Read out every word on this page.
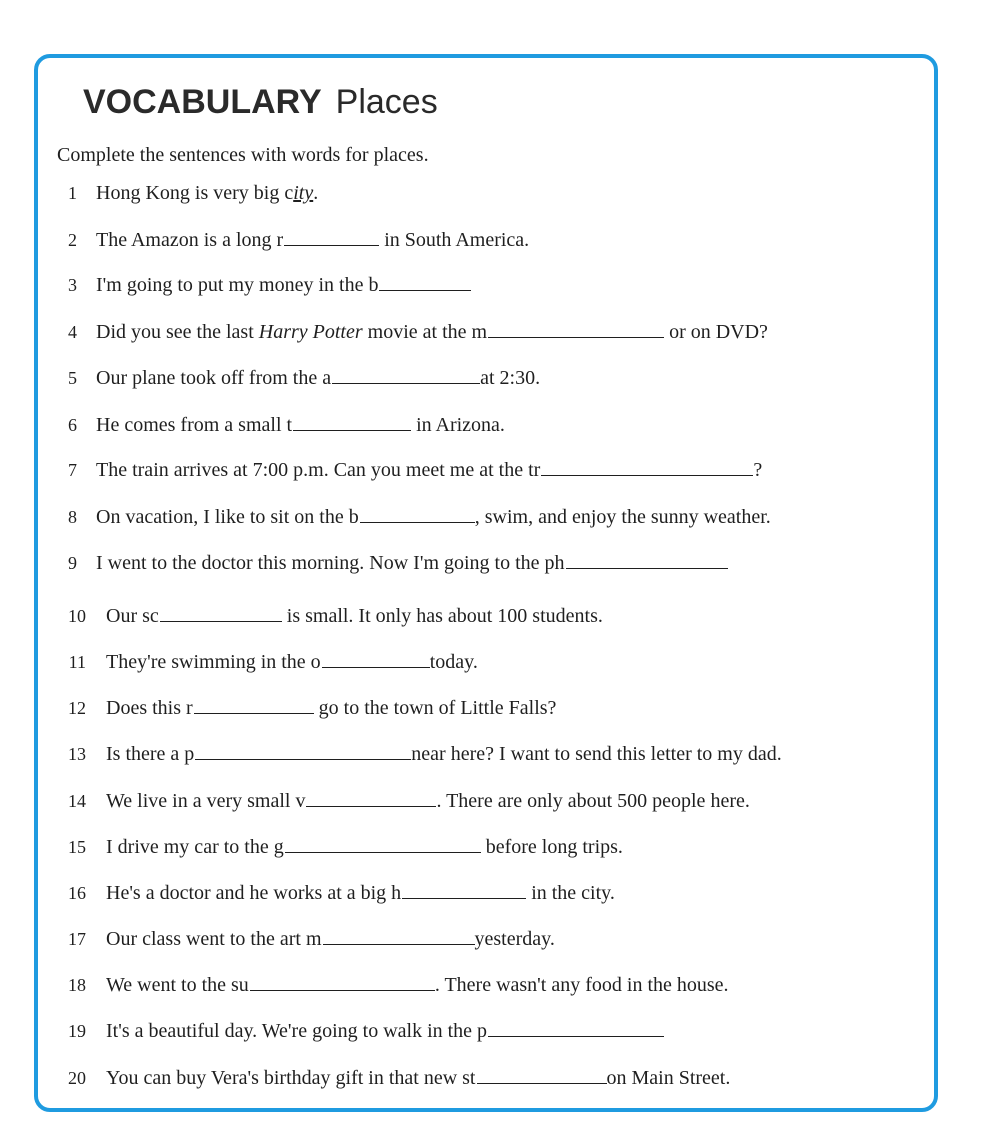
VOCABULARY Places
Complete the sentences with words for places.
1 Hong Kong is very big city.
2 The Amazon is a long r	in South America.
3 I'm going to put my money in the b
4 Did you see the last Harry Potter movie at the m	or on DVD?
5 Our plane took off from the a	at 2:30.
6 He comes from a small t	in Arizona.
7 The train arrives at 7:00 p.m. Can you meet me at the tr	?
8 On vacation, I like to sit on the b	, swim, and enjoy the sunny weather.
9 I went to the doctor this morning. Now I'm going to the ph
10 Our sc	is small. It only has about 100 students.
11 They're swimming in the o	today.
12 Does this r	go to the town of Little Falls?
13 Is there a p	near here? I want to send this letter to my dad.
14 We live in a very small v	. There are only about 500 people here.
15 I drive my car to the g	before long trips.
16 He's a doctor and he works at a big h	in the city.
17 Our class went to the art m	yesterday.
18 We went to the su	. There wasn't any food in the house.
19 It's a beautiful day. We're going to walk in the p
20 You can buy Vera's birthday gift in that new st	on Main Street.
